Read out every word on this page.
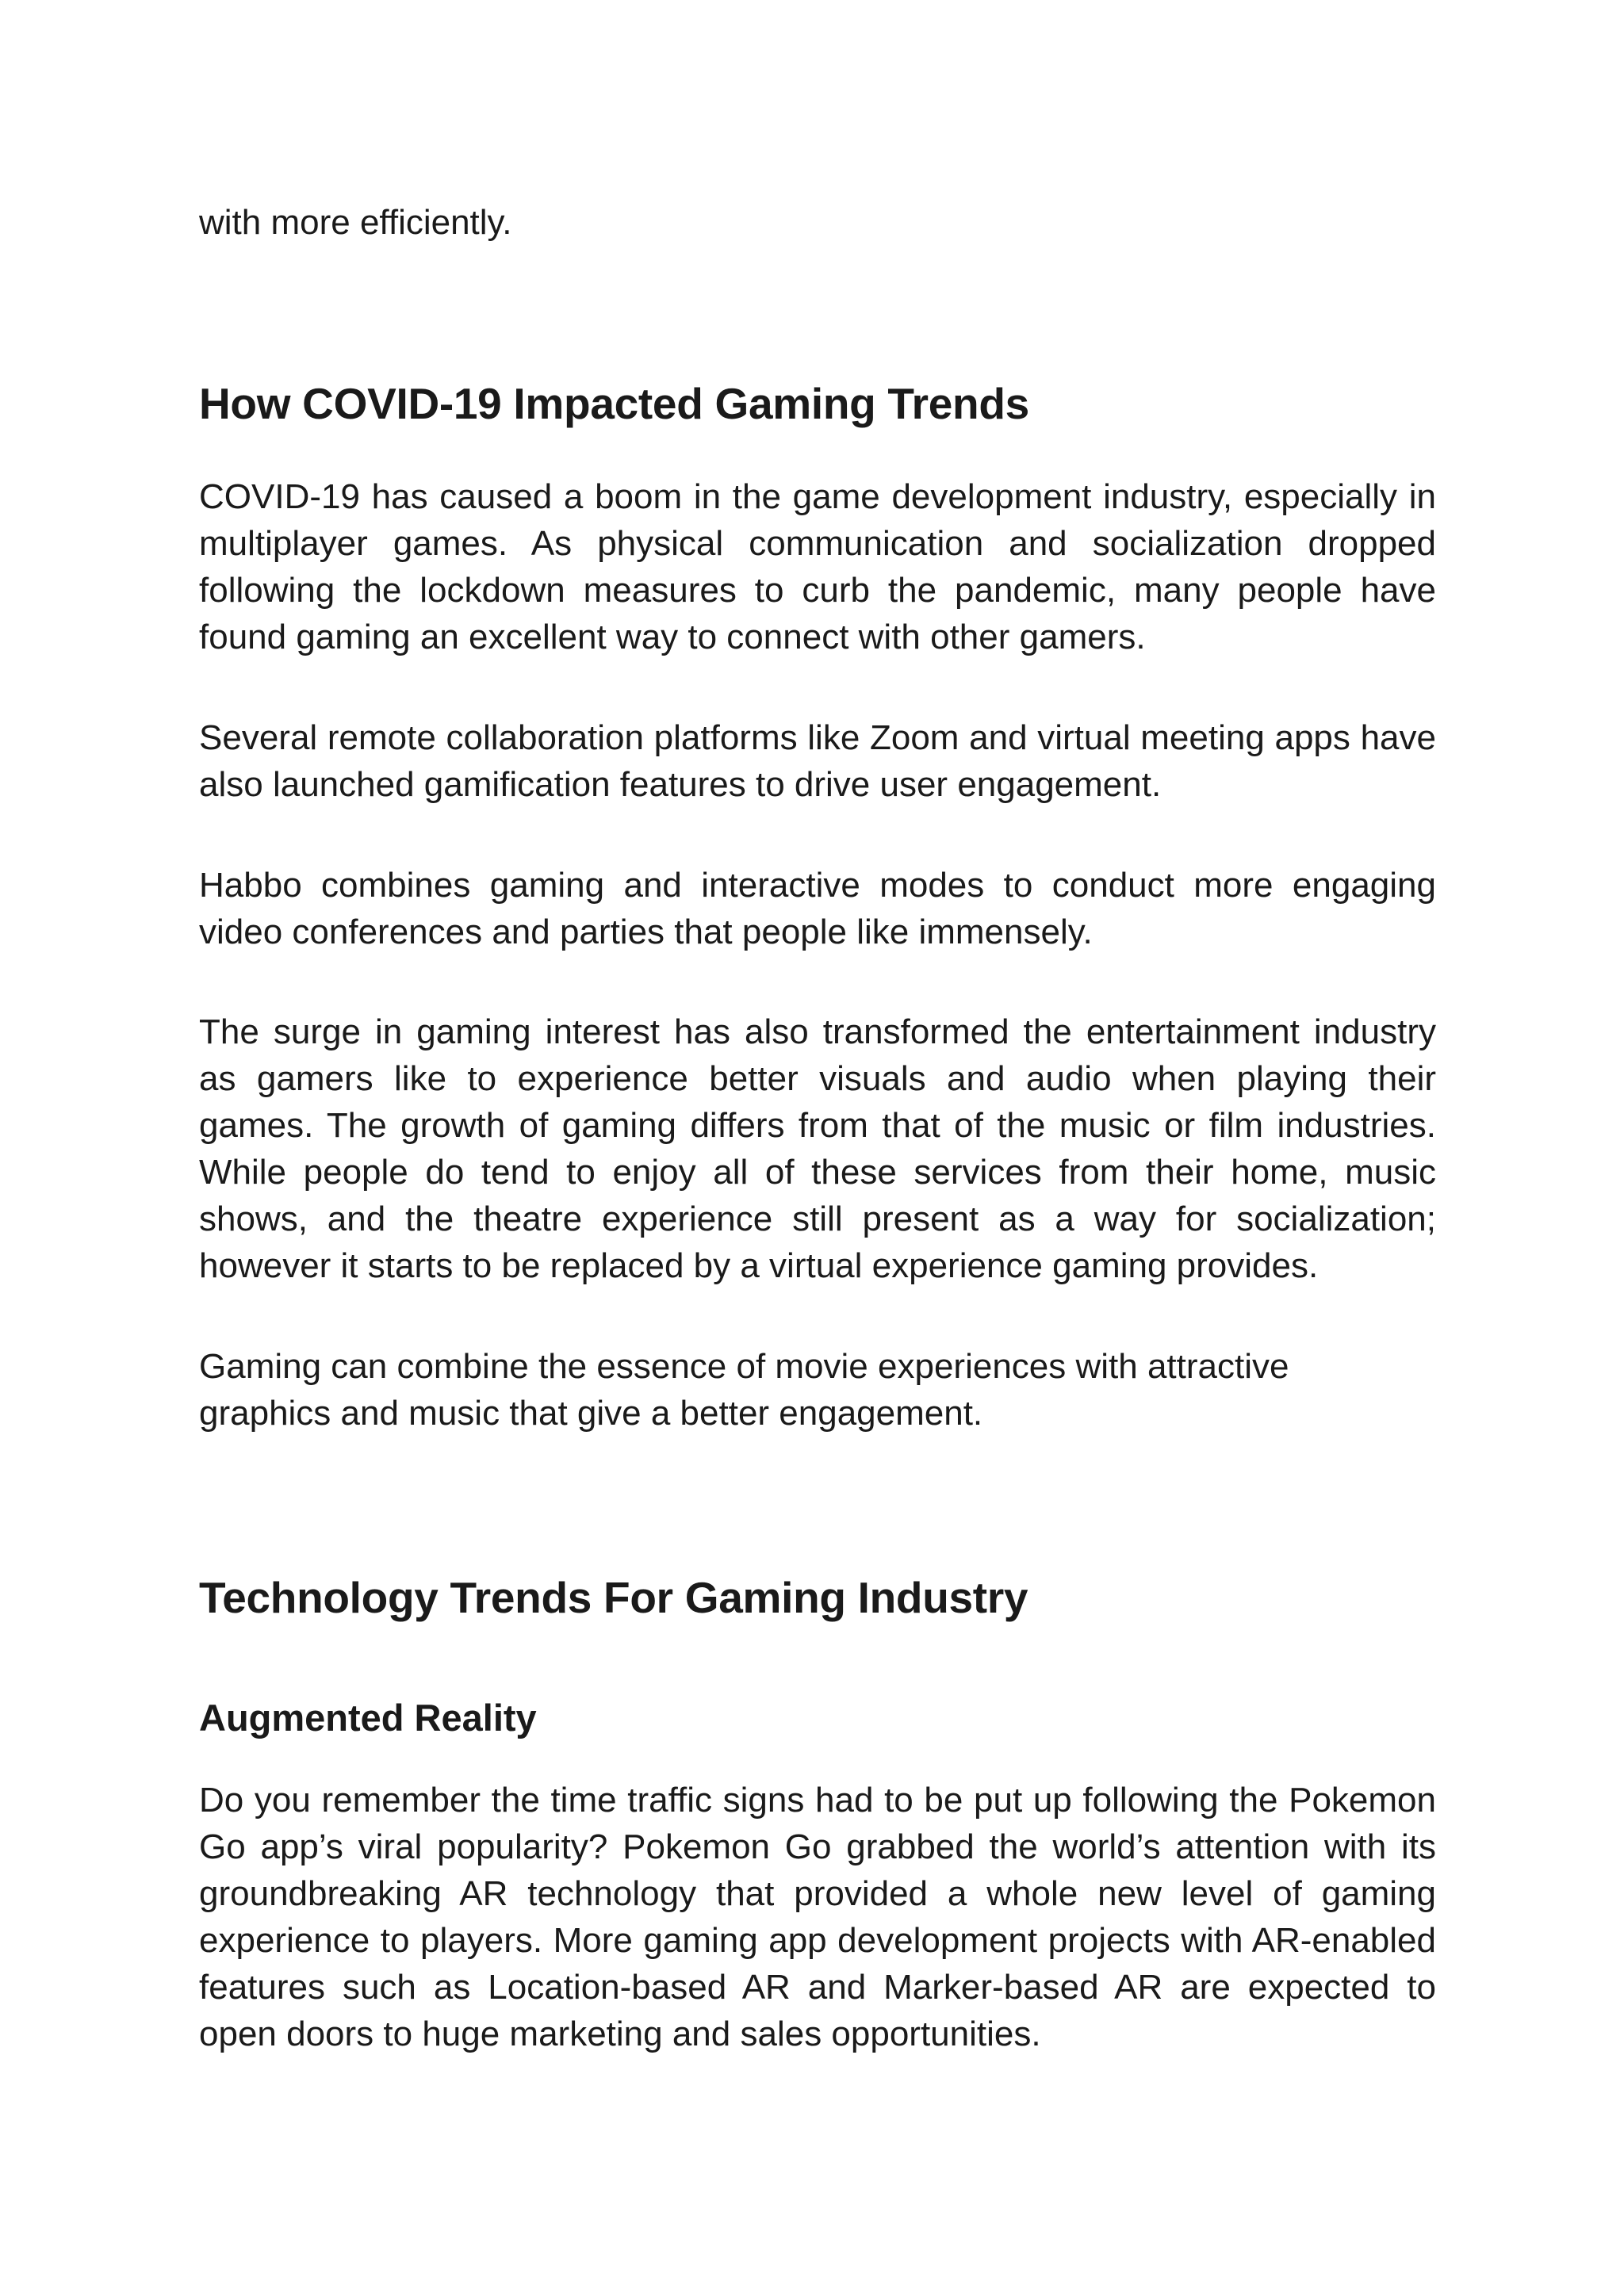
with more efficiently.

How COVID-19 Impacted Gaming Trends

COVID-19 has caused a boom in the game development industry, especially in multiplayer games. As physical communication and socialization dropped following the lockdown measures to curb the pandemic, many people have found gaming an excellent way to connect with other gamers.

Several remote collaboration platforms like Zoom and virtual meeting apps have also launched gamification features to drive user engagement.

Habbo combines gaming and interactive modes to conduct more engaging video conferences and parties that people like immensely.

The surge in gaming interest has also transformed the entertainment industry as gamers like to experience better visuals and audio when playing their games. The growth of gaming differs from that of the music or film industries. While people do tend to enjoy all of these services from their home, music shows, and the theatre experience still present as a way for socialization; however it starts to be replaced by a virtual experience gaming provides.

Gaming can combine the essence of movie experiences with attractive graphics and music that give a better engagement.

Technology Trends For Gaming Industry
Augmented Reality

Do you remember the time traffic signs had to be put up following the Pokemon Go app’s viral popularity? Pokemon Go grabbed the world’s attention with its groundbreaking AR technology that provided a whole new level of gaming experience to players. More gaming app development projects with AR-enabled features such as Location-based AR and Marker-based AR are expected to open doors to huge marketing and sales opportunities.
